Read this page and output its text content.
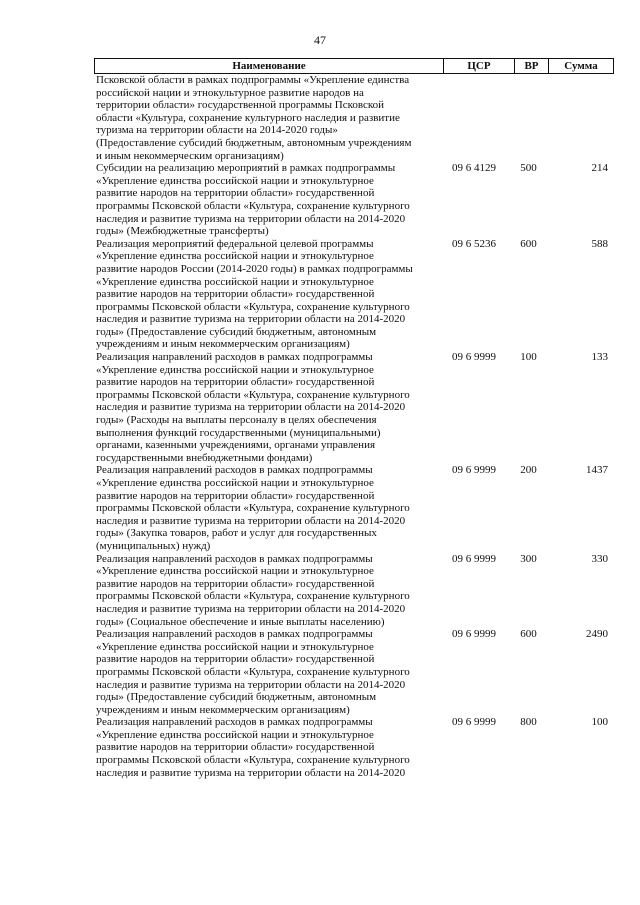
47
Наименование	ЦСР	ВР	Сумма
Псковской области в рамках подпрограммы «Укрепление единства
российской нации и этнокультурное развитие народов на
территории области» государственной программы Псковской
области «Культура, сохранение культурного наследия и развитие
туризма на территории области на 2014-2020 годы»
(Предоставление субсидий бюджетным, автономным учреждениям
и иным некоммерческим организациям)
Субсидии на реализацию мероприятий в рамках подпрограммы
«Укрепление единства российской нации и этнокультурное
развитие народов на территории области» государственной
программы Псковской области «Культура, сохранение культурного
наследия и развитие туризма на территории области на 2014-2020
годы» (Межбюджетные трансферты)
09 6 4129	500	214
Реализация мероприятий федеральной целевой программы
«Укрепление единства российской нации и этнокультурное
развитие народов России (2014-2020 годы) в рамках подпрограммы
«Укрепление единства российской нации и этнокультурное
развитие народов на территории области» государственной
программы Псковской области «Культура, сохранение культурного
наследия и развитие туризма на территории области на 2014-2020
годы» (Предоставление субсидий бюджетным, автономным
учреждениям и иным некоммерческим организациям)
09 6 5236	600	588
Реализация направлений расходов в рамках подпрограммы
«Укрепление единства российской нации и этнокультурное
развитие народов на территории области» государственной
программы Псковской области «Культура, сохранение культурного
наследия и развитие туризма на территории области на 2014-2020
годы» (Расходы на выплаты персоналу в целях обеспечения
выполнения функций государственными (муниципальными)
органами, казенными учреждениями, органами управления
государственными внебюджетными фондами)
09 6 9999	100	133
Реализация направлений расходов в рамках подпрограммы
«Укрепление единства российской нации и этнокультурное
развитие народов на территории области» государственной
программы Псковской области «Культура, сохранение культурного
наследия и развитие туризма на территории области на 2014-2020
годы» (Закупка товаров, работ и услуг для государственных
(муниципальных) нужд)
09 6 9999	200	1437
Реализация направлений расходов в рамках подпрограммы
«Укрепление единства российской нации и этнокультурное
развитие народов на территории области» государственной
программы Псковской области «Культура, сохранение культурного
наследия и развитие туризма на территории области на 2014-2020
годы» (Социальное обеспечение и иные выплаты населению)
09 6 9999	300	330
Реализация направлений расходов в рамках подпрограммы
«Укрепление единства российской нации и этнокультурное
развитие народов на территории области» государственной
программы Псковской области «Культура, сохранение культурного
наследия и развитие туризма на территории области на 2014-2020
годы» (Предоставление субсидий бюджетным, автономным
учреждениям и иным некоммерческим организациям)
09 6 9999	600	2490
Реализация направлений расходов в рамках подпрограммы
«Укрепление единства российской нации и этнокультурное
развитие народов на территории области» государственной
программы Псковской области «Культура, сохранение культурного
наследия и развитие туризма на территории области на 2014-2020
09 6 9999	800	100
